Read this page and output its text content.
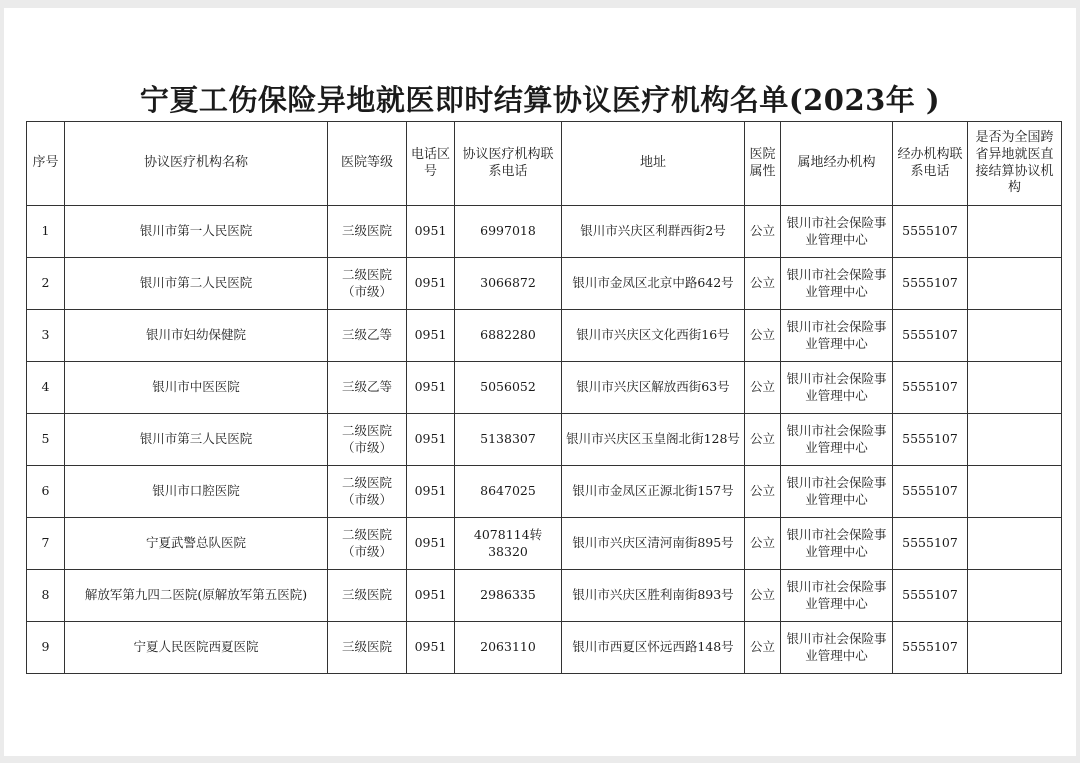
宁夏工伤保险异地就医即时结算协议医疗机构名单(2023年 )
序号	协议医疗机构名称	医院等级	电话区号	协议医疗机构联系电话	地址	医院属性	属地经办机构	经办机构联系电话	是否为全国跨省异地就医直接结算协议机构
1	银川市第一人民医院	三级医院	0951	6997018	银川市兴庆区利群西街2号	公立	银川市社会保险事业管理中心	5555107	
2	银川市第二人民医院	二级医院（市级）	0951	3066872	银川市金凤区北京中路642号	公立	银川市社会保险事业管理中心	5555107	
3	银川市妇幼保健院	三级乙等	0951	6882280	银川市兴庆区文化西街16号	公立	银川市社会保险事业管理中心	5555107	
4	银川市中医医院	三级乙等	0951	5056052	银川市兴庆区解放西街63号	公立	银川市社会保险事业管理中心	5555107	
5	银川市第三人民医院	二级医院（市级）	0951	5138307	银川市兴庆区玉皇阁北街128号	公立	银川市社会保险事业管理中心	5555107	
6	银川市口腔医院	二级医院（市级）	0951	8647025	银川市金凤区正源北街157号	公立	银川市社会保险事业管理中心	5555107	
7	宁夏武警总队医院	二级医院（市级）	0951	4078114转38320	银川市兴庆区清河南街895号	公立	银川市社会保险事业管理中心	5555107	
8	解放军第九四二医院(原解放军第五医院)	三级医院	0951	2986335	银川市兴庆区胜利南街893号	公立	银川市社会保险事业管理中心	5555107	
9	宁夏人民医院西夏医院	三级医院	0951	2063110	银川市西夏区怀远西路148号	公立	银川市社会保险事业管理中心	5555107	
